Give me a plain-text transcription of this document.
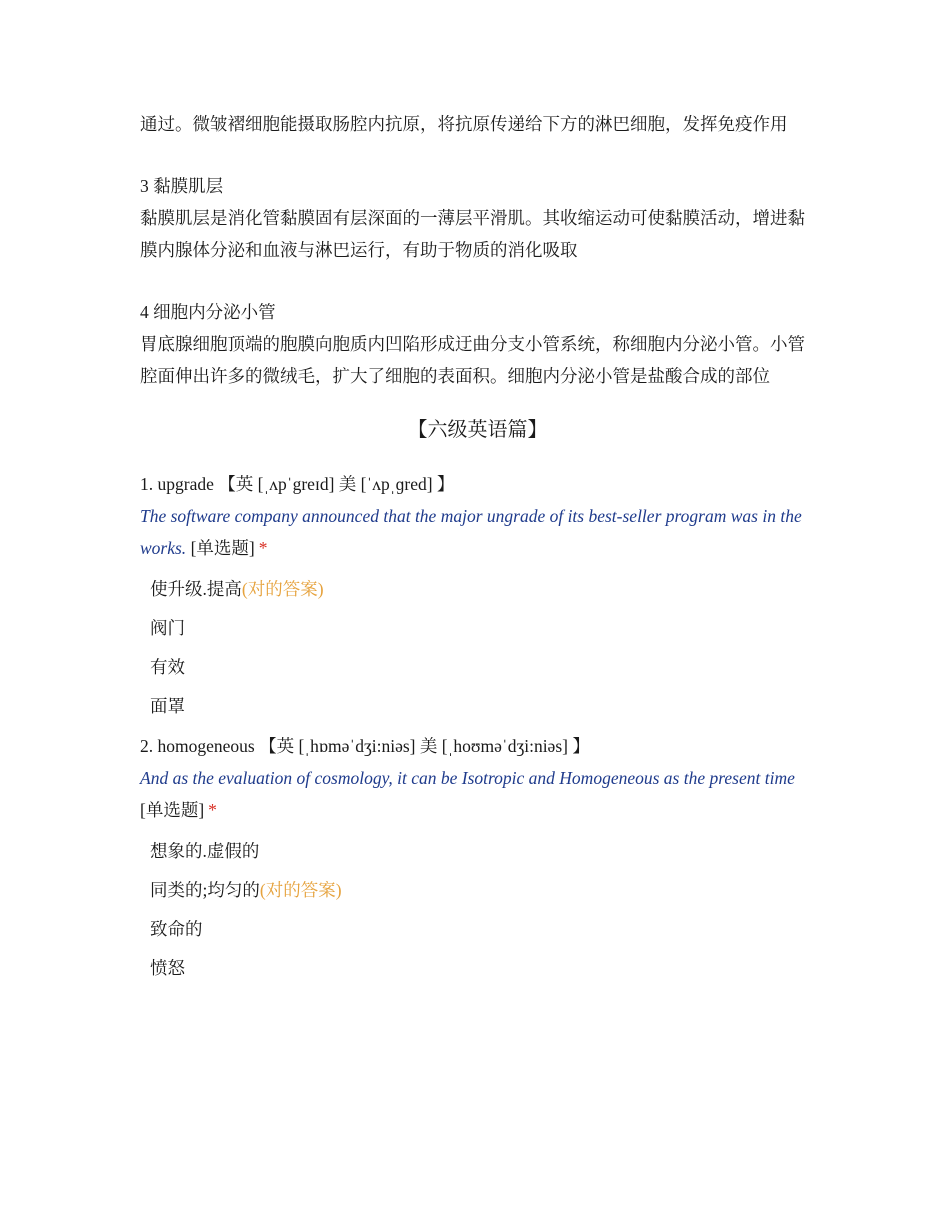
通过。微皱褶细胞能摄取肠腔内抗原，将抗原传递给下方的淋巴细胞，发挥免疫作用

3 黏膜肌层

黏膜肌层是消化管黏膜固有层深面的一薄层平滑肌。其收缩运动可使黏膜活动，增进黏膜内腺体分泌和血液与淋巴运行，有助于物质的消化吸取

4 细胞内分泌小管

胃底腺细胞顶端的胞膜向胞质内凹陷形成迂曲分支小管系统，称细胞内分泌小管。小管腔面伸出许多的微绒毛，扩大了细胞的表面积。细胞内分泌小管是盐酸合成的部位

【六级英语篇】

1. upgrade 【英 [ˌʌpˈgreɪd] 美 [ˈʌpˌɡred] 】

The software company announced that the major ungrade of its best-seller program was in the works. [单选题] *

使升级.提高(对的答案)
阀门
有效
面罩

2. homogeneous 【英 [ˌhɒməˈdʒi:niəs] 美 [ˌhoʊməˈdʒi:niəs] 】

And as the evaluation of cosmology, it can be Isotropic and Homogeneous as the present time

[单选题] *

想象的.虚假的
同类的;均匀的(对的答案)
致命的
愤怒
